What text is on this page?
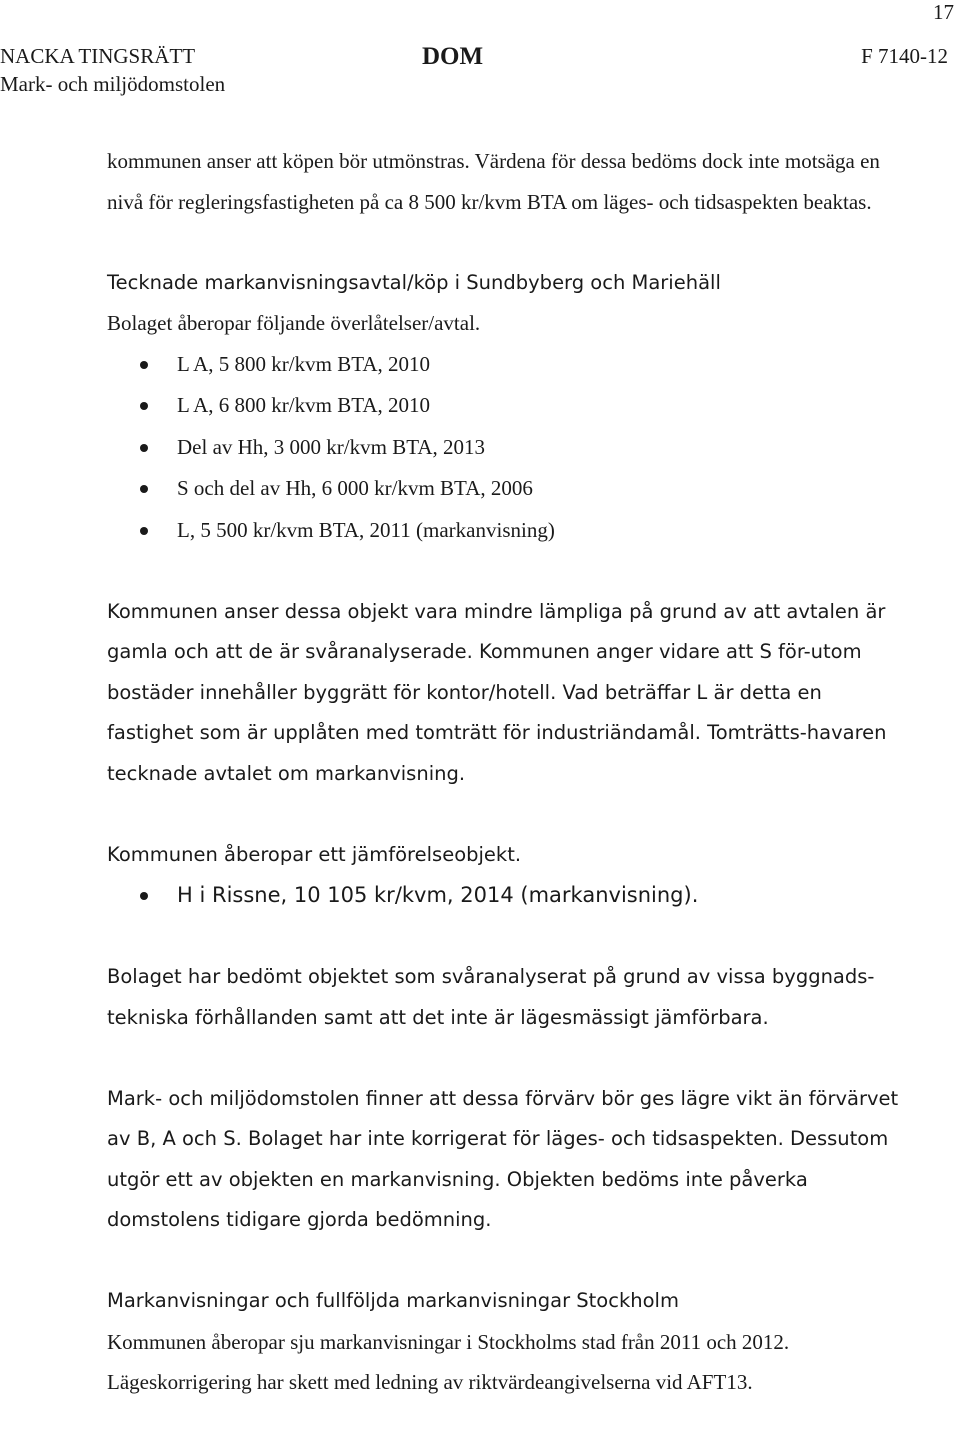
17
NACKA TINGSRÄTT
Mark- och miljödomstolen
DOM	F 7140-12

kommunen anser att köpen bör utmönstras. Värdena för dessa bedöms dock inte motsäga en nivå för regleringsfastigheten på ca 8 500 kr/kvm BTA om läges- och tidsaspekten beaktas.

Tecknade markanvisningsavtal/köp i Sundbyberg och Mariehäll

Bolaget åberopar följande överlåtelser/avtal.

L A, 5 800 kr/kvm BTA, 2010
L A, 6 800 kr/kvm BTA, 2010
Del av Hh, 3 000 kr/kvm BTA, 2013
S och del av Hh, 6 000 kr/kvm BTA, 2006
L, 5 500 kr/kvm BTA, 2011 (markanvisning)

Kommunen anser dessa objekt vara mindre lämpliga på grund av att avtalen är gamla och att de är svåranalyserade. Kommunen anger vidare att S för-utom bostäder innehåller byggrätt för kontor/hotell. Vad beträffar L är detta en fastighet som är upplåten med tomträtt för industriändamål. Tomträtts-havaren tecknade avtalet om markanvisning.

Kommunen åberopar ett jämförelseobjekt.

H i Rissne, 10 105 kr/kvm, 2014 (markanvisning).

Bolaget har bedömt objektet som svåranalyserat på grund av vissa byggnads-tekniska förhållanden samt att det inte är lägesmässigt jämförbara.

Mark- och miljödomstolen finner att dessa förvärv bör ges lägre vikt än förvärvet av B, A och S. Bolaget har inte korrigerat för läges- och tidsaspekten. Dessutom utgör ett av objekten en markanvisning. Objekten bedöms inte påverka domstolens tidigare gjorda bedömning.

Markanvisningar och fullföljda markanvisningar Stockholm

Kommunen åberopar sju markanvisningar i Stockholms stad från 2011 och 2012. Lägeskorrigering har skett med ledning av riktvärdeangivelserna vid AFT13.
